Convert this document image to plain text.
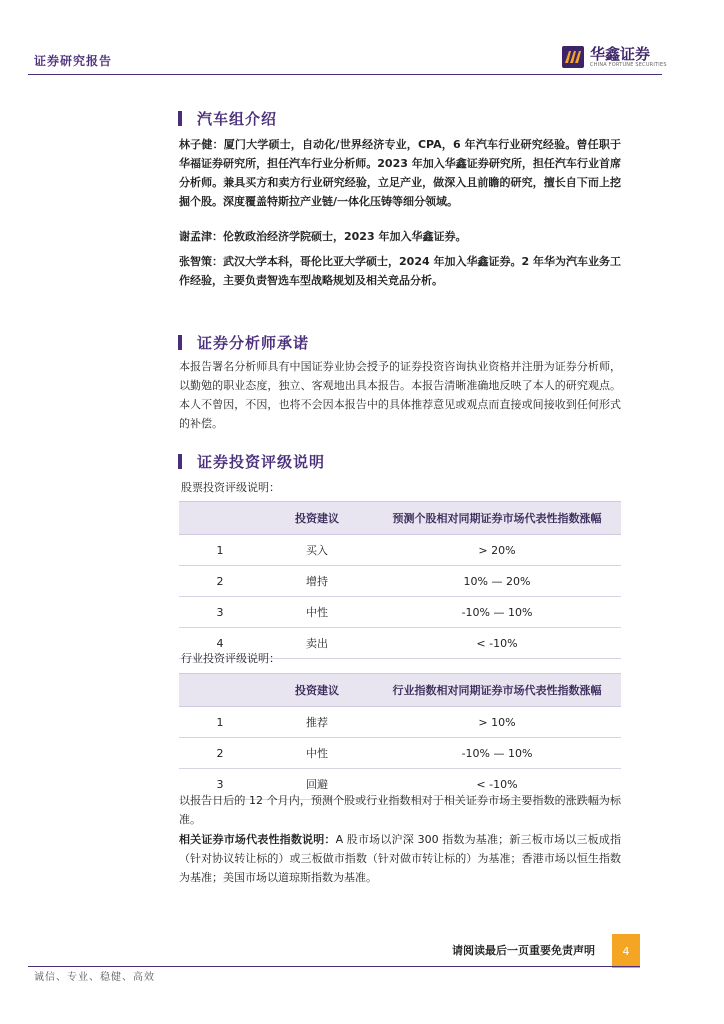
证券研究报告	华鑫证券
CHINA FORTUNE SECURITIES
汽车组介绍
林子健：厦门大学硕士，自动化/世界经济专业，CPA，6 年汽车行业研究经验。曾任职于华福证券研究所，担任汽车行业分析师。2023 年加入华鑫证券研究所，担任汽车行业首席分析师。兼具买方和卖方行业研究经验，立足产业，做深入且前瞻的研究，擅长自下而上挖掘个股。深度覆盖特斯拉产业链/一体化压铸等细分领域。
谢孟津：伦敦政治经济学院硕士，2023 年加入华鑫证券。
张智策：武汉大学本科，哥伦比亚大学硕士，2024 年加入华鑫证券。2 年华为汽车业务工作经验，主要负责智选车型战略规划及相关竞品分析。
证券分析师承诺
本报告署名分析师具有中国证券业协会授予的证券投资咨询执业资格并注册为证券分析师，以勤勉的职业态度，独立、客观地出具本报告。本报告清晰准确地反映了本人的研究观点。本人不曾因，不因，也将不会因本报告中的具体推荐意见或观点而直接或间接收到任何形式的补偿。
证券投资评级说明
股票投资评级说明：
	投资建议	预测个股相对同期证券市场代表性指数涨幅
1	买入	> 20%
2	增持	10% — 20%
3	中性	-10% — 10%
4	卖出	< -10%
行业投资评级说明：
	投资建议	行业指数相对同期证券市场代表性指数涨幅
1	推荐	> 10%
2	中性	-10% — 10%
3	回避	< -10%
以报告日后的 12 个月内，预测个股或行业指数相对于相关证券市场主要指数的涨跌幅为标准。
相关证券市场代表性指数说明：A 股市场以沪深 300 指数为基准；新三板市场以三板成指（针对协议转让标的）或三板做市指数（针对做市转让标的）为基准；香港市场以恒生指数为基准；美国市场以道琼斯指数为基准。
请阅读最后一页重要免责声明	4
诚信、专业、稳健、高效
